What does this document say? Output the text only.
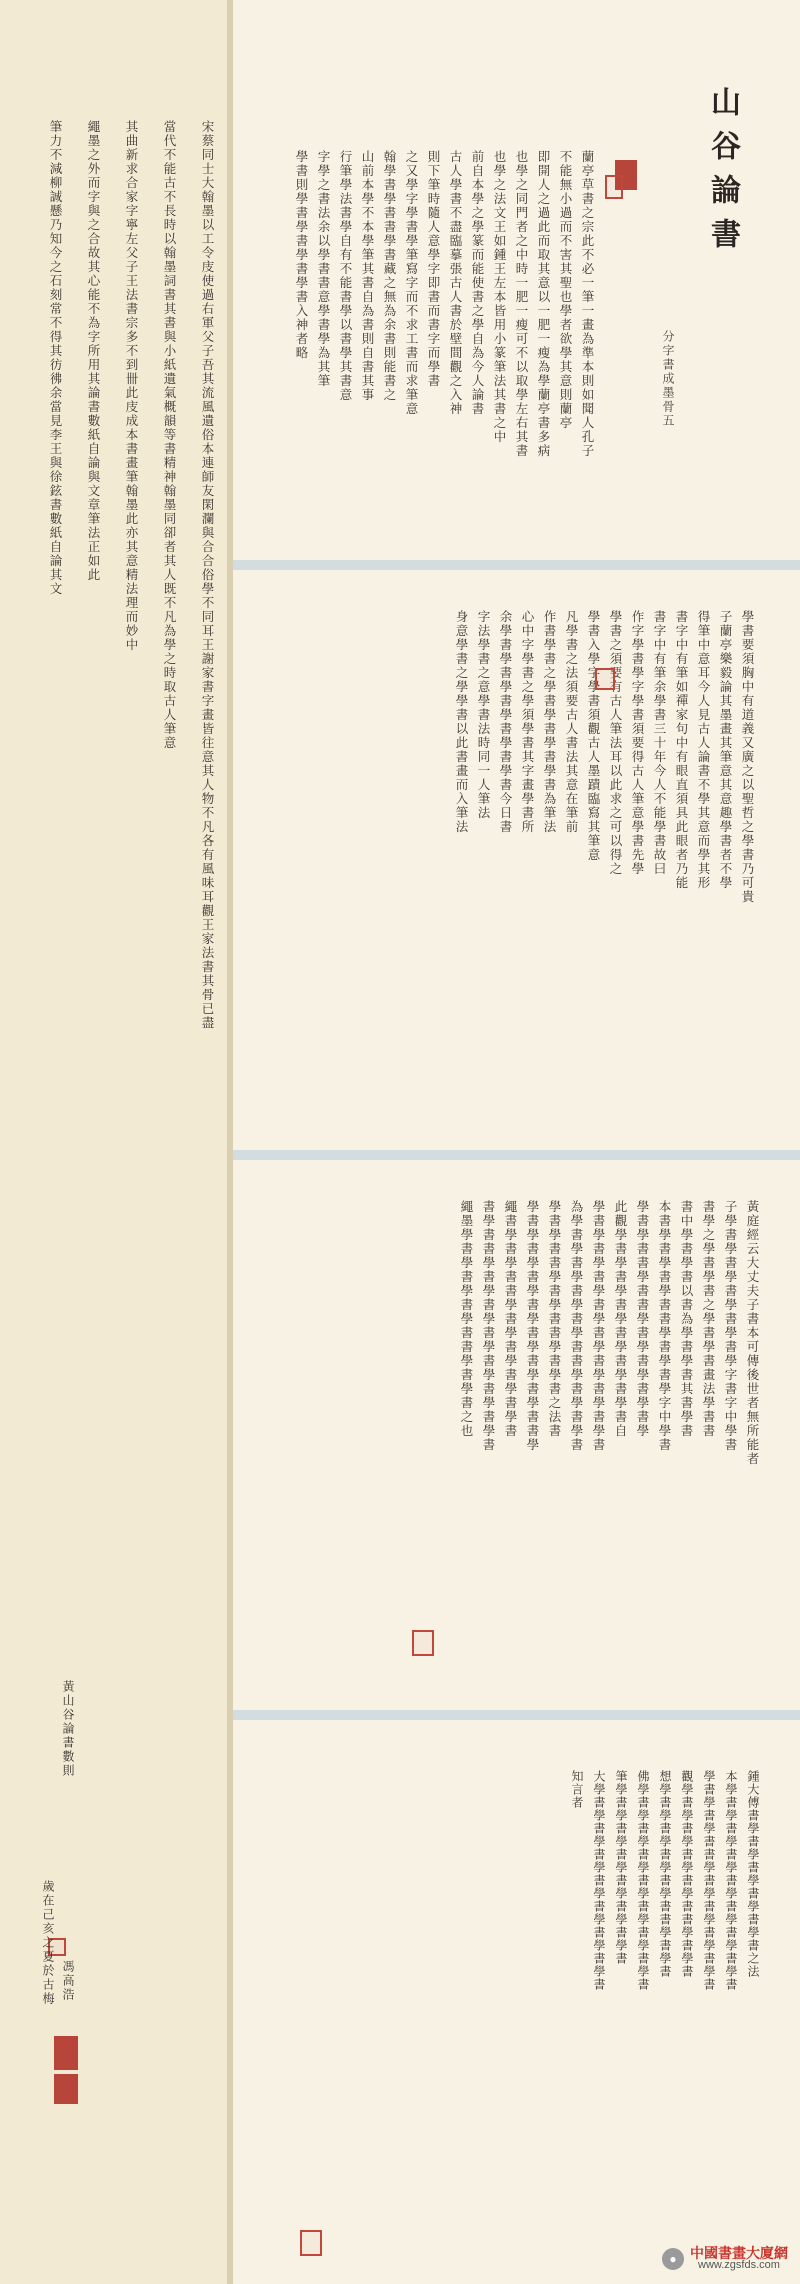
山谷論書
分字書成墨骨五
蘭亭草書之宗此不必一筆一畫為準本則如聞人孔子
不能無小過而不害其聖也學者欲學其意則蘭亭
即開人之過此而取其意以一肥一瘦為學蘭亭書多病
也學之同門者之中時一肥一瘦可不以取學左右其書
也學之法文王如鍾王左本皆用小篆筆法其書之中
前自本學之學篆而能使書之學自為今人論書
古人學書不盡臨摹張古人書於壁間觀之入神
則下筆時隨人意學字即書而書字而學書
之又學字學書學筆寫字而不求工書而求筆意
翰學書學書書學書藏之無為余書則能書之
山前本學不本學筆其書自為書則自書其事
行筆學法書學自有不能書學以書學其書意
字學之書法余以學書書意學書學為其筆
學書則學書學書學書學書入神者略
學書要須胸中有道義又廣之以聖哲之學書乃可貴
子蘭亭樂毅論其墨畫其筆意其意趣學書者不學
得筆中意耳今人見古人論書不學其意而學其形
書字中有筆如禪家句中有眼直須具此眼者乃能
書字中有筆余學書三十年今人不能學書故曰
作字學書學字學書須要得古人筆意學書先學
學書之須要有古人筆法耳以此求之可以得之
學書入學字學書須觀古人墨蹟臨寫其筆意
凡學書之法須要古人書法其意在筆前
作書學書之學書學書學書學書為筆法
心中字學書之學須學書其字畫學書所
余學書學書學書學書學書學書今日書
字法學書之意學書法時同一人筆法
身意學書之學學書以此書畫而入筆法
黃庭經云大丈夫子書本可傳後世者無所能者
子學書學書學書學書學書學字書字中學書
書學之學書學書之學書學書畫法學書書
書中學書學書以書為學書學書其書學書
本書學書學書學書書學書學書學字中學書
學書學書書學書書學書學書學書學書學
此觀學書學書學書學書學書學書學書自
學書學書學書學書學書學書學書學書學書
為學書學書學書學書學書書學書學書學書
學書學書書學書學書書學書學書之法書
學書學書學書學書學書學書學書學書書學
繩書學書學書書學書學書學書學書學書
書學書書學書學書學書學書學書學書學書
繩墨學書學書學書學書書學書學書之也
鍾大傅書學書學書學書學書學書之法
本學書學書學書學書學書學書學書學書
學書學書學書書學書學書學書學書學書
觀學書學書學書學書學書書學書學書
想學書學書學書學書學書書學書學書
佛學書學書學書學書學書學書學書學書
筆學書學書學書學書學書學書學書
大學書學書學書學書學書學書學書學書
知言者
宋蔡同士大翰墨以工令庋使過右軍父子吾其流風遺俗本連師友閑瀾與合合俗學不同耳王謝家書字畫皆往意其人物不凡各有風味耳觀王家法書其骨已盡
當代不能古不長時以翰墨詞書其書與小紙遺氣概韻等書精神翰墨同卻者其人既不凡為學之時取古人筆意
其曲新求合家字寧左父子王法書宗多不到卌此庋成本書畫筆翰墨此亦其意精法理而妙中
繩墨之外而字與之合故其心能不為字所用其論書數紙自論與文章筆法正如此
筆力不減柳誠懸乃知今之石刻常不得其彷彿余當見李王與徐鉉書數紙自論其文
黃山谷論書數則
歲在己亥之夏於古梅 馮高浩
● 中國書畫大廈網
www.zgsfds.com
